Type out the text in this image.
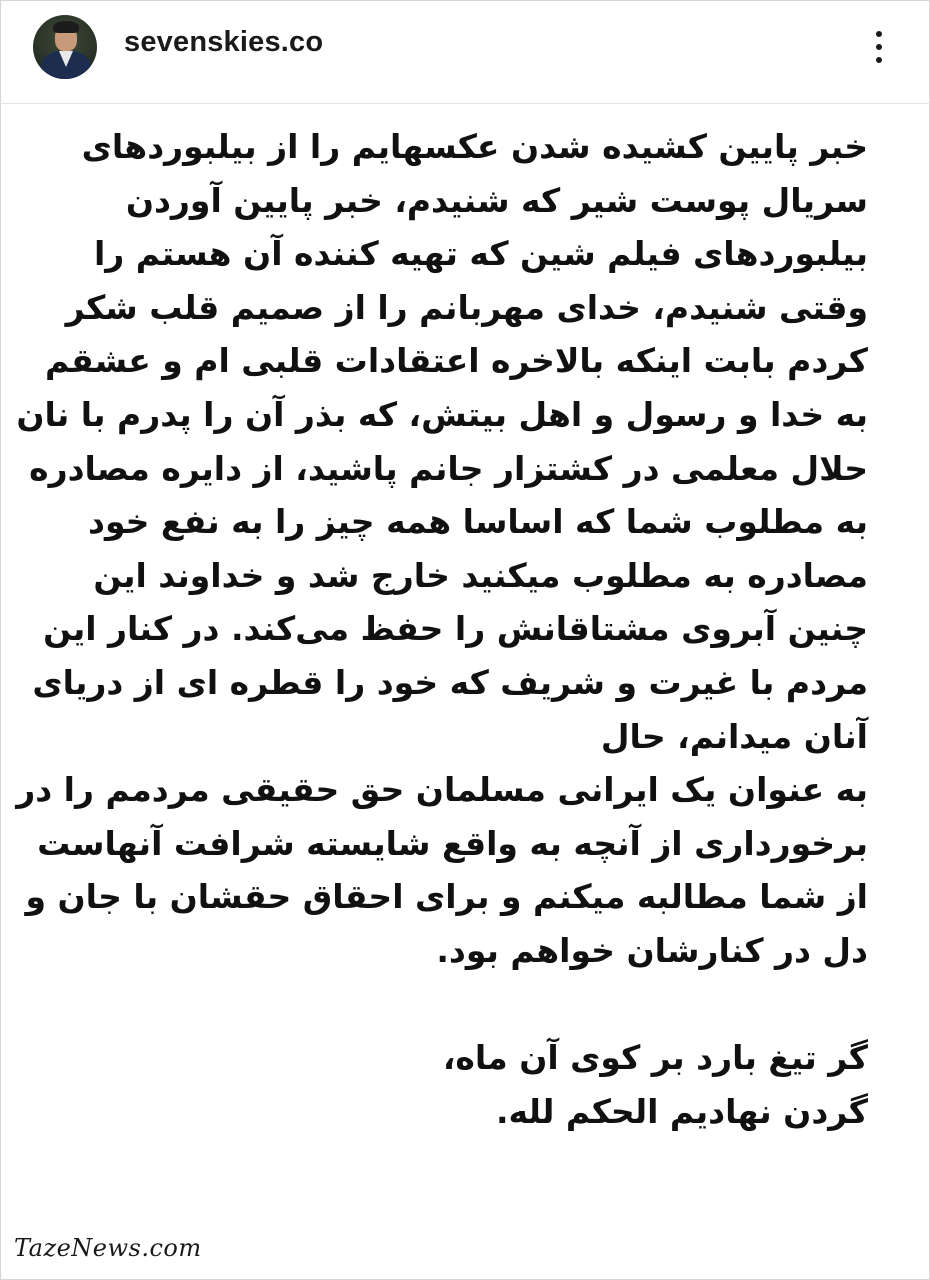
sevenskies.co
خبر پایین کشیده شدن عکسهایم را از بیلبوردهای
سریال پوست شیر که شنیدم، خبر پایین آوردن
بیلبوردهای فیلم شین که تهیه کننده آن هستم را
وقتی شنیدم، خدای مهربانم را از صمیم قلب شکر
کردم بابت اینکه بالاخره اعتقادات قلبی ام و عشقم
به خدا و رسول و اهل بیتش، که بذر آن را پدرم با نان
حلال معلمی در کشتزار جانم پاشید، از دایره مصادره
به مطلوب شما که اساسا همه چیز را به نفع خود
مصادره به مطلوب میکنید خارج شد و خداوند این
چنین آبروی مشتاقانش را حفظ می‌کند. در کنار این
مردم با غیرت و شریف که خود را قطره ای از دریای
آنان میدانم، حال
به عنوان یک ایرانی مسلمان حق حقیقی مردمم را در
برخورداری از آنچه به واقع شایسته شرافت آنهاست
از شما مطالبه میکنم و برای احقاق حقشان با جان و
دل در کنارشان خواهم بود.
گر تیغ بارد بر کوی آن ماه،
گردن نهادیم الحکم لله.
TazeNews.com
